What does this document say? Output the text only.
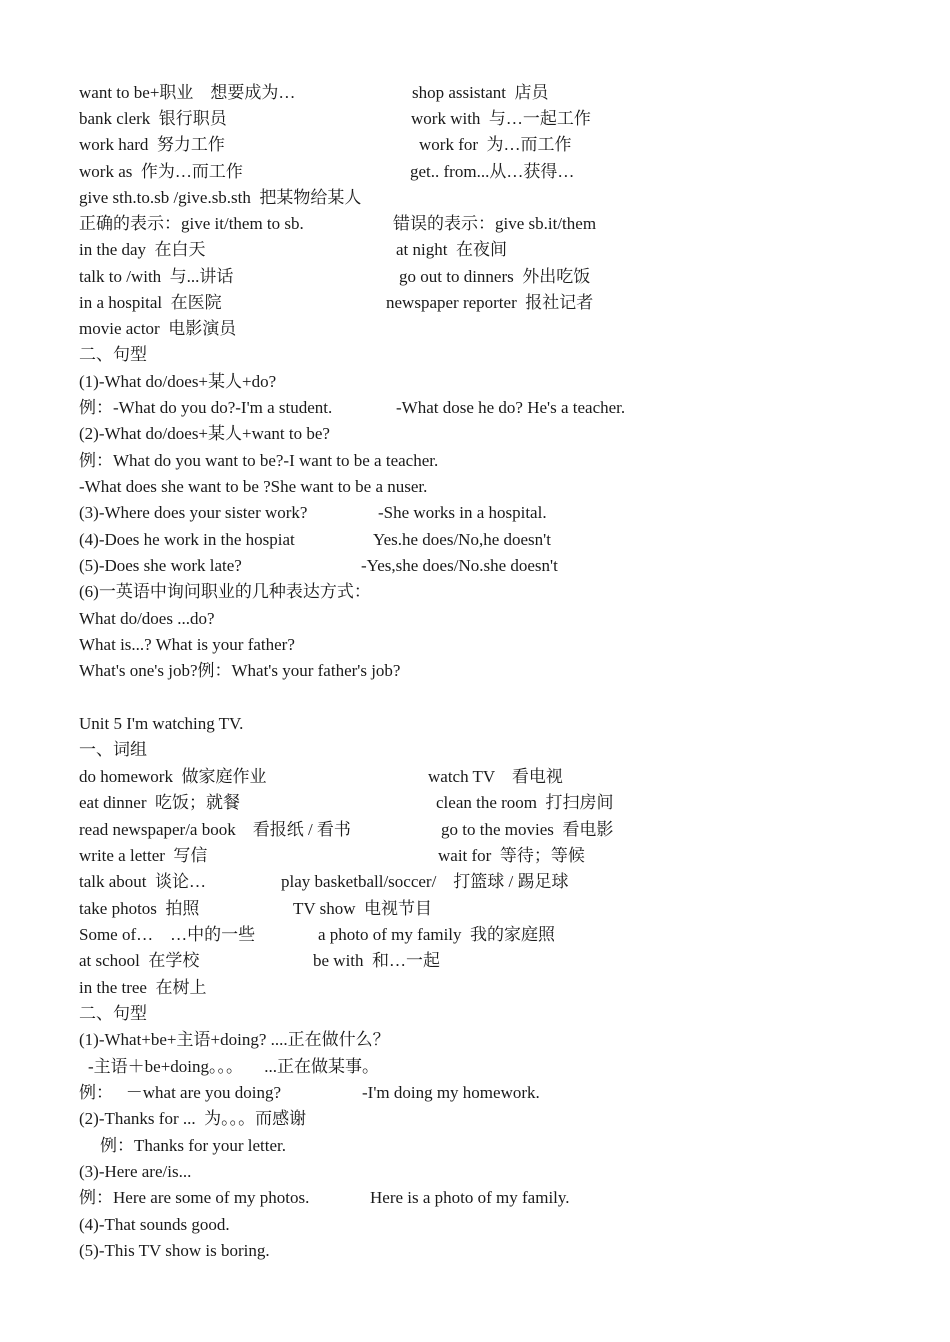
want to be+职业    想要成为…	shop assistant  店员
bank clerk  银行职员	work with  与…一起工作
work hard  努力工作	work for  为…而工作
work as  作为…而工作	get.. from...从…获得…
give sth.to.sb /give.sb.sth  把某物给某人
正确的表示：give it/them to sb.	错误的表示：give sb.it/them
in the day  在白天	at night  在夜间
talk to /with  与...讲话	go out to dinners  外出吃饭
in a hospital  在医院	newspaper reporter  报社记者
movie actor  电影演员
二、句型
(1)-What do/does+某人+do?
例：-What do you do?-I'm a student.	-What dose he do? He's a teacher.
(2)-What do/does+某人+want to be?
例：What do you want to be?-I want to be a teacher.
-What does she want to be ?She want to be a nuser.
(3)-Where does your sister work?	-She works in a hospital.
(4)-Does he work in the hospiat	Yes.he does/No,he doesn't
(5)-Does she work late?	-Yes,she does/No.she doesn't
(6)一英语中询问职业的几种表达方式：
What do/does ...do?
What is...? What is your father?
What's one's job?例：What's your father's job?
Unit 5 I'm watching TV.
一、词组
do homework  做家庭作业	watch TV    看电视
eat dinner  吃饭；就餐	clean the room  打扫房间
read newspaper/a book    看报纸 / 看书	go to the movies  看电影
write a letter  写信	wait for  等待；等候
talk about  谈论…	play basketball/soccer/    打篮球 / 踢足球
take photos  拍照	TV show  电视节目
Some of…    …中的一些	a photo of my family  我的家庭照
at school  在学校	be with  和…一起
in the tree  在树上
二、句型
(1)-What+be+主语+doing? ....正在做什么？
-主语＋be+doing。。。     ...正在做某事。
例：   －what are you doing?	-I'm doing my homework.
(2)-Thanks for ...  为。。。而感谢
例：Thanks for your letter.
(3)-Here are/is...
例：Here are some of my photos.	Here is a photo of my family.
(4)-That sounds good.
(5)-This TV show is boring.
